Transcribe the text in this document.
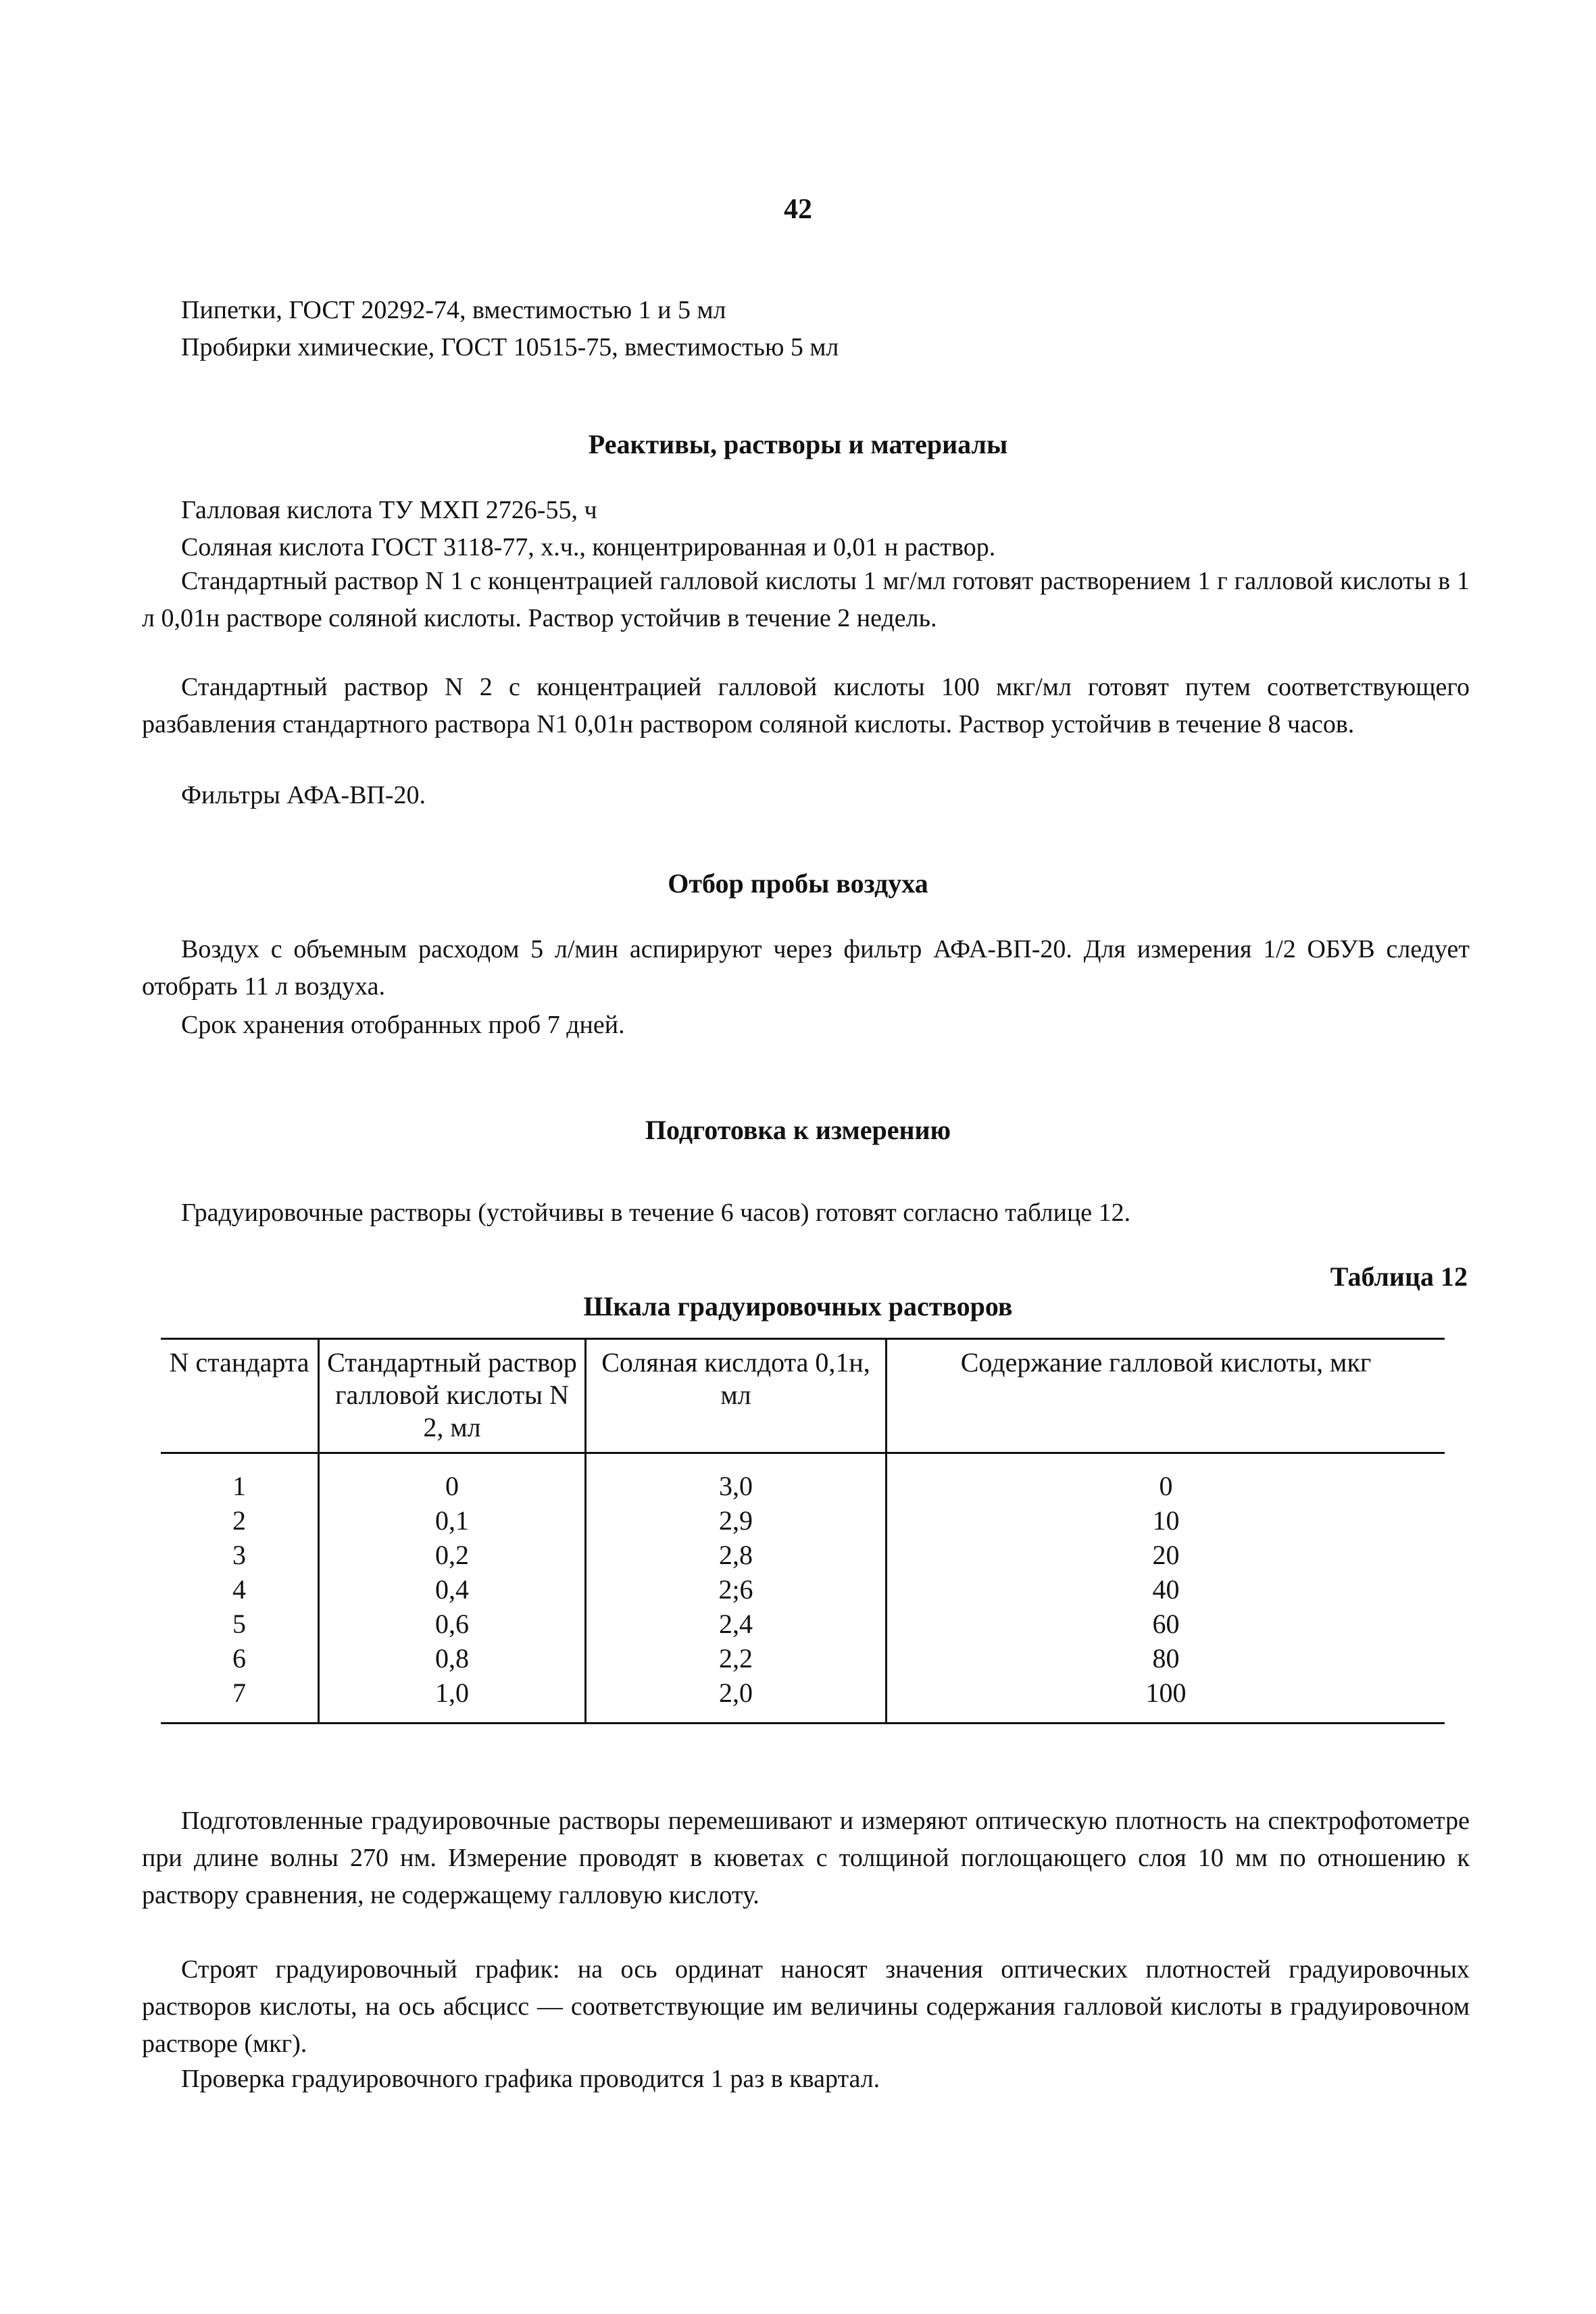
42
Пипетки, ГОСТ 20292-74, вместимостью 1 и 5 мл
Пробирки химические, ГОСТ 10515-75, вместимостью 5 мл
Реактивы, растворы и материалы
Галловая кислота ТУ МХП 2726-55, ч
Соляная кислота ГОСТ 3118-77, х.ч., концентрированная и 0,01 н раствор.

Стандартный раствор N 1 с концентрацией галловой кислоты 1 мг/мл готовят растворением 1 г галловой кислоты в 1 л 0,01н растворе соляной кислоты. Раствор устойчив в течение 2 недель.

Стандартный раствор N 2 с концентрацией галловой кислоты 100 мкг/мл готовят путем соответствующего разбавления стандартного раствора N1 0,01н раствором соляной кислоты. Раствор устойчив в течение 8 часов.

Фильтры АФА-ВП-20.
Отбор пробы воздуха

Воздух с объемным расходом 5 л/мин аспирируют через фильтр АФА-ВП-20. Для измерения 1/2 ОБУВ следует отобрать 11 л воздуха.

Срок хранения отобранных проб 7 дней.
Подготовка к измерению
Градуировочные растворы (устойчивы в течение 6 часов) готовят согласно таблице 12.
Таблица 12
Шкала градуировочных растворов
N стандарта	Стандартный раствор галловой кислоты N 2, мл	Соляная кислдота 0,1н, мл	Содержание галловой кислоты, мкг
1	0	3,0	0
2	0,1	2,9	10
3	0,2	2,8	20
4	0,4	2;6	40
5	0,6	2,4	60
6	0,8	2,2	80
7	1,0	2,0	100

Подготовленные градуировочные растворы перемешивают и измеряют оптическую плотность на спектрофотометре при длине волны 270 нм. Измерение проводят в кюветах с толщиной поглощающего слоя 10 мм по отношению к раствору сравнения, не содержащему галловую кислоту.

Строят градуировочный график: на ось ординат наносят значения оптических плотностей градуировочных растворов кислоты, на ось абсцисс — соответствующие им величины содержания галловой кислоты в градуировочном растворе (мкг).

Проверка градуировочного графика проводится 1 раз в квартал.
